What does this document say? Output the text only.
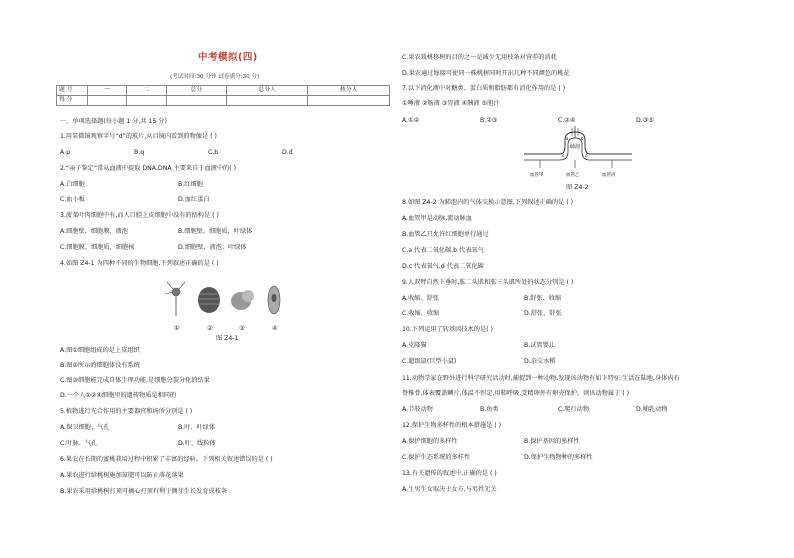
中考模拟(四)
(考试时间:30 分钟 试卷满分:30 分)
题 号	一	二	总分	总分人	核分人
得 分					
一、单项选择题(每小题 1 分,共 15 分)
1.用显微镜观察字号“d”的玻片,从目镜内看到的物像是 ( )
A.p	B.q	C.b	D.d
2.“亲子鉴定”常从血液中提取 DNA,DNA 主要来自于血液中的( )
A.白细胞	B.红细胞
C.血小板	D.血红蛋白
3.菠菜叶肉细胞中有,而人口腔上皮细胞中没有的结构是 ( )
A.细胞壁、细胞膜、液泡	B.细胞壁、细胞质、叶绿体
C.细胞膜、细胞质、细胞核	D.细胞壁、液泡、叶绿体
4.如图 Z4-1 为四种不同的生物细胞,下列叙述正确的是 ( )
①	②	③	④
图 Z4-1
A.图①细胞组成的是上皮组织
B.图②所示的细胞体没有系统
C.图③细胞能完成自体生理功能,是细胞分裂分化的结果
D.一个人①②④细胞里的遗传物质是相同的
5.植物进行光合作用的主要器官和场所分别是 ( )
A.保卫细胞、气孔	B.叶、叶绿体
C.叶脉、气孔	D.叶、线粒体
6.果农在长期的蜜桃栽培过程中积累了丰富的经验。下列相关叙述错误的是 ( )
A.果农进行给桃树施加氮肥可以防止落花落果
B.果农采用给桃树打顶可摘心打顶有利于侧芽生长发育成枝条
C.果农栽桃移树的目的之一是减少无用枝条对营养的消耗
D.果农通过嫁接可使同一株桃树同时开出几种不同颜色的桃花
7.以下消化液中对糖类、蛋白质和脂肪都有消化作用的是 ( )
①唾液 ②肠液 ③胃液 ④胰液 ⑤胆汁
A.①②	B.②③	C.②④	D.③⑤
肺泡
a	b
c	d
血管甲	血管乙	血管丙
图 Z4-2
8.如图 Z4-2 为肺泡内的气体交换示意图,下列叙述正确的是 ( )
A.血管甲是动脉,流动脉血
B.血管乙只允许红细胞单行通过
C.a 代表二氧化碳,b 代表氧气
D.c 代表氧气,d 代表二氧化碳
9.人双臂自然下垂时,肱二头肌和肱三头肌所处的状态分别是 ( )
A.收缩、舒张	B.舒张、收缩
C.收缩、收缩	D.舒张、舒张
10.下列运用了转基因技术的是( )
A.克隆猫	B.试管婴儿
C.超级鼠(巨型小鼠)	D.杂交水稻
11.动物学家在野外进行科学研究活动时,捕捉到一种动物,发现该动物有如下特征:生活在陆地,身体内有
脊椎骨,体表覆盖鳞片,体温不恒定,用肺呼吸,受精卵外有卵壳保护。则该动物属于 ( )
A.节肢动物	B.鱼类	C.爬行动物	D.哺乳动物
12.保护生物多样性的根本措施是 ( )
A.保护细胞的多样性	B.保护基因的多样性
C.保护生态系统的多样性	D.保护生物物种的多样性
13.有关遗传的叙述中,正确的是 ( )
A.生男生女取决于女方,与男性无关
